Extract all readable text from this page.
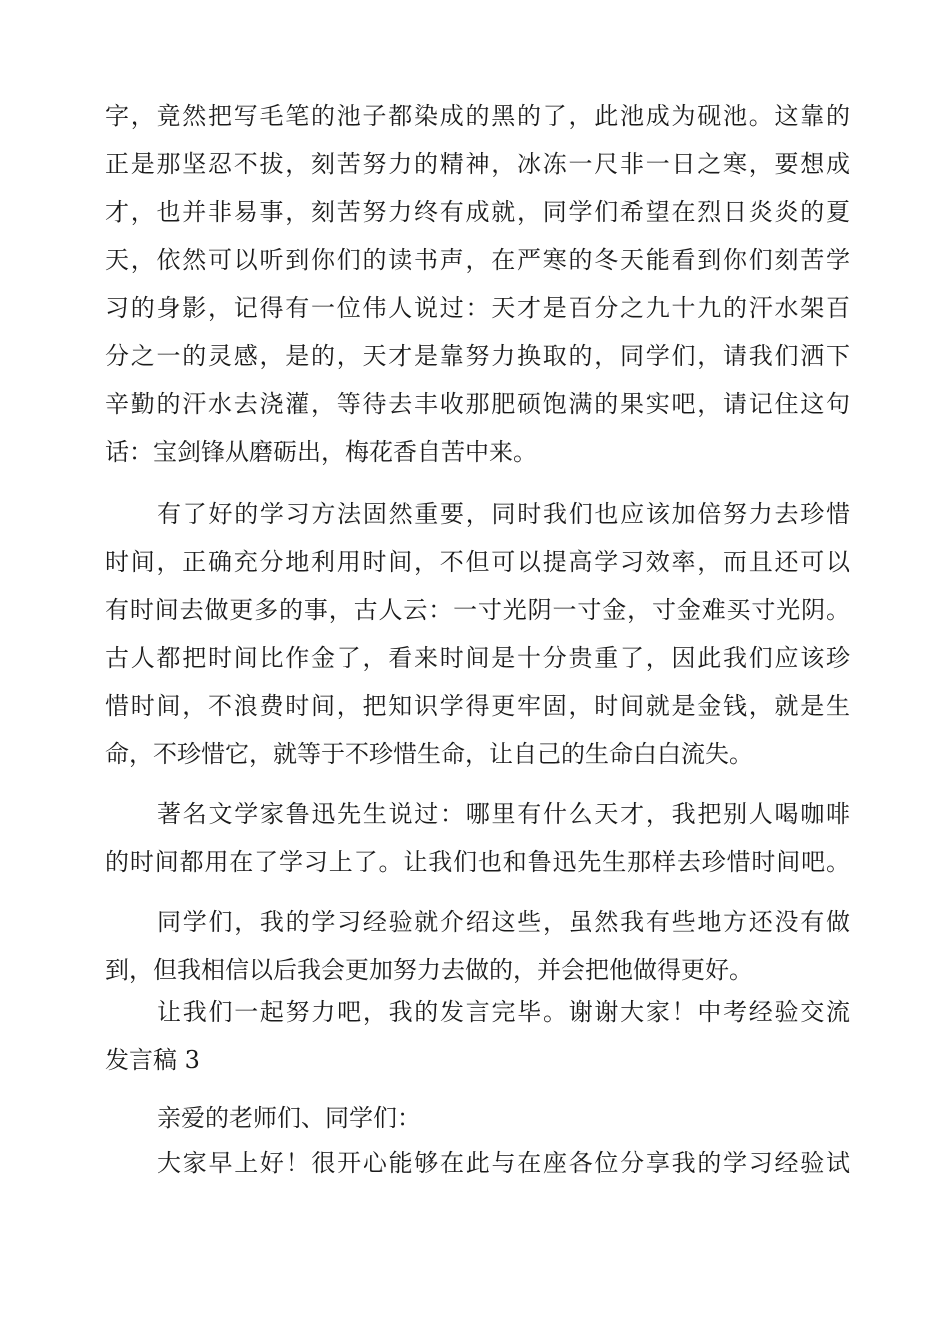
字，竟然把写毛笔的池子都染成的黑的了，此池成为砚池。这靠的
正是那坚忍不拔，刻苦努力的精神，冰冻一尺非一日之寒，要想成
才，也并非易事，刻苦努力终有成就，同学们希望在烈日炎炎的夏
天，依然可以听到你们的读书声，在严寒的冬天能看到你们刻苦学
习的身影，记得有一位伟人说过：天才是百分之九十九的汗水架百
分之一的灵感，是的，天才是靠努力换取的，同学们，请我们洒下
辛勤的汗水去浇灌，等待去丰收那肥硕饱满的果实吧，请记住这句
话：宝剑锋从磨砺出，梅花香自苦中来。
有了好的学习方法固然重要，同时我们也应该加倍努力去珍惜
时间，正确充分地利用时间，不但可以提高学习效率，而且还可以
有时间去做更多的事，古人云：一寸光阴一寸金，寸金难买寸光阴。
古人都把时间比作金了，看来时间是十分贵重了，因此我们应该珍
惜时间，不浪费时间，把知识学得更牢固，时间就是金钱，就是生
命，不珍惜它，就等于不珍惜生命，让自己的生命白白流失。
著名文学家鲁迅先生说过：哪里有什么天才，我把别人喝咖啡
的时间都用在了学习上了。让我们也和鲁迅先生那样去珍惜时间吧。
同学们，我的学习经验就介绍这些，虽然我有些地方还没有做
到，但我相信以后我会更加努力去做的，并会把他做得更好。
让我们一起努力吧，我的发言完毕。谢谢大家！中考经验交流
发言稿 3
亲爱的老师们、同学们：
大家早上好！很开心能够在此与在座各位分享我的学习经验试
